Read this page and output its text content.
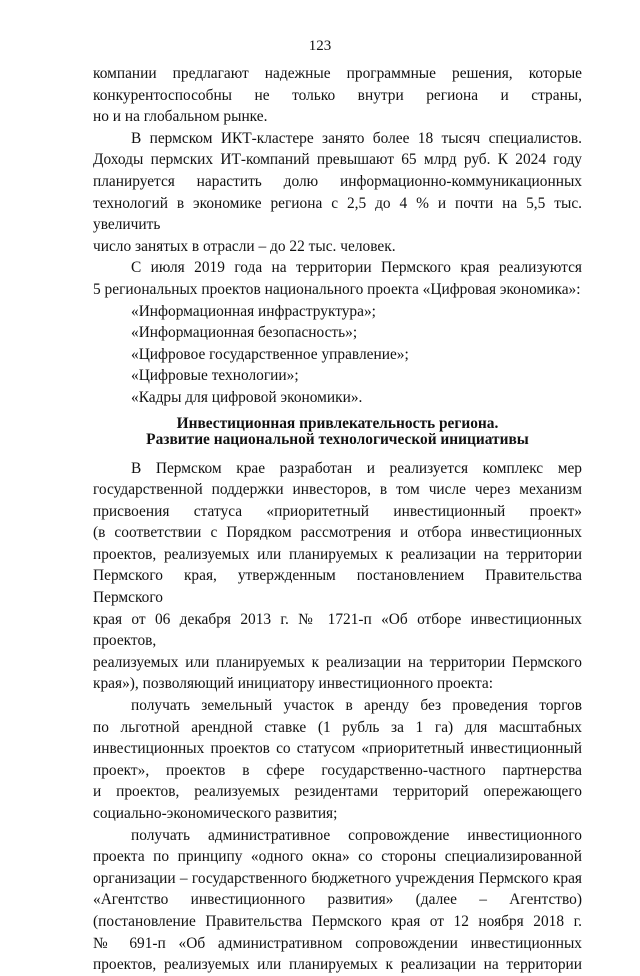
123
компании предлагают надежные программные решения, которые
конкурентоспособны не только внутри региона и страны,
но и на глобальном рынке.
В пермском ИКТ-кластере занято более 18 тысяч специалистов.
Доходы пермских ИТ-компаний превышают 65 млрд руб. К 2024 году
планируется нарастить долю информационно-коммуникационных
технологий в экономике региона с 2,5 до 4 % и почти на 5,5 тыс. увеличить
число занятых в отрасли – до 22 тыс. человек.
С июля 2019 года на территории Пермского края реализуются
5 региональных проектов национального проекта «Цифровая экономика»:
«Информационная инфраструктура»;
«Информационная безопасность»;
«Цифровое государственное управление»;
«Цифровые технологии»;
«Кадры для цифровой экономики».
Инвестиционная привлекательность региона.
Развитие национальной технологической инициативы
В Пермском крае разработан и реализуется комплекс мер
государственной поддержки инвесторов, в том числе через механизм
присвоения статуса «приоритетный инвестиционный проект»
(в соответствии с Порядком рассмотрения и отбора инвестиционных
проектов, реализуемых или планируемых к реализации на территории
Пермского края, утвержденным постановлением Правительства Пермского
края от 06 декабря 2013 г. № 1721-п «Об отборе инвестиционных проектов,
реализуемых или планируемых к реализации на территории Пермского
края»), позволяющий инициатору инвестиционного проекта:
получать земельный участок в аренду без проведения торгов
по льготной арендной ставке (1 рубль за 1 га) для масштабных
инвестиционных проектов со статусом «приоритетный инвестиционный
проект», проектов в сфере государственно-частного партнерства
и проектов, реализуемых резидентами территорий опережающего
социально-экономического развития;
получать административное сопровождение инвестиционного
проекта по принципу «одного окна» со стороны специализированной
организации – государственного бюджетного учреждения Пермского края
«Агентство инвестиционного развития» (далее – Агентство)
(постановление Правительства Пермского края от 12 ноября 2018 г.
№ 691-п «Об административном сопровождении инвестиционных
проектов, реализуемых или планируемых к реализации на территории
